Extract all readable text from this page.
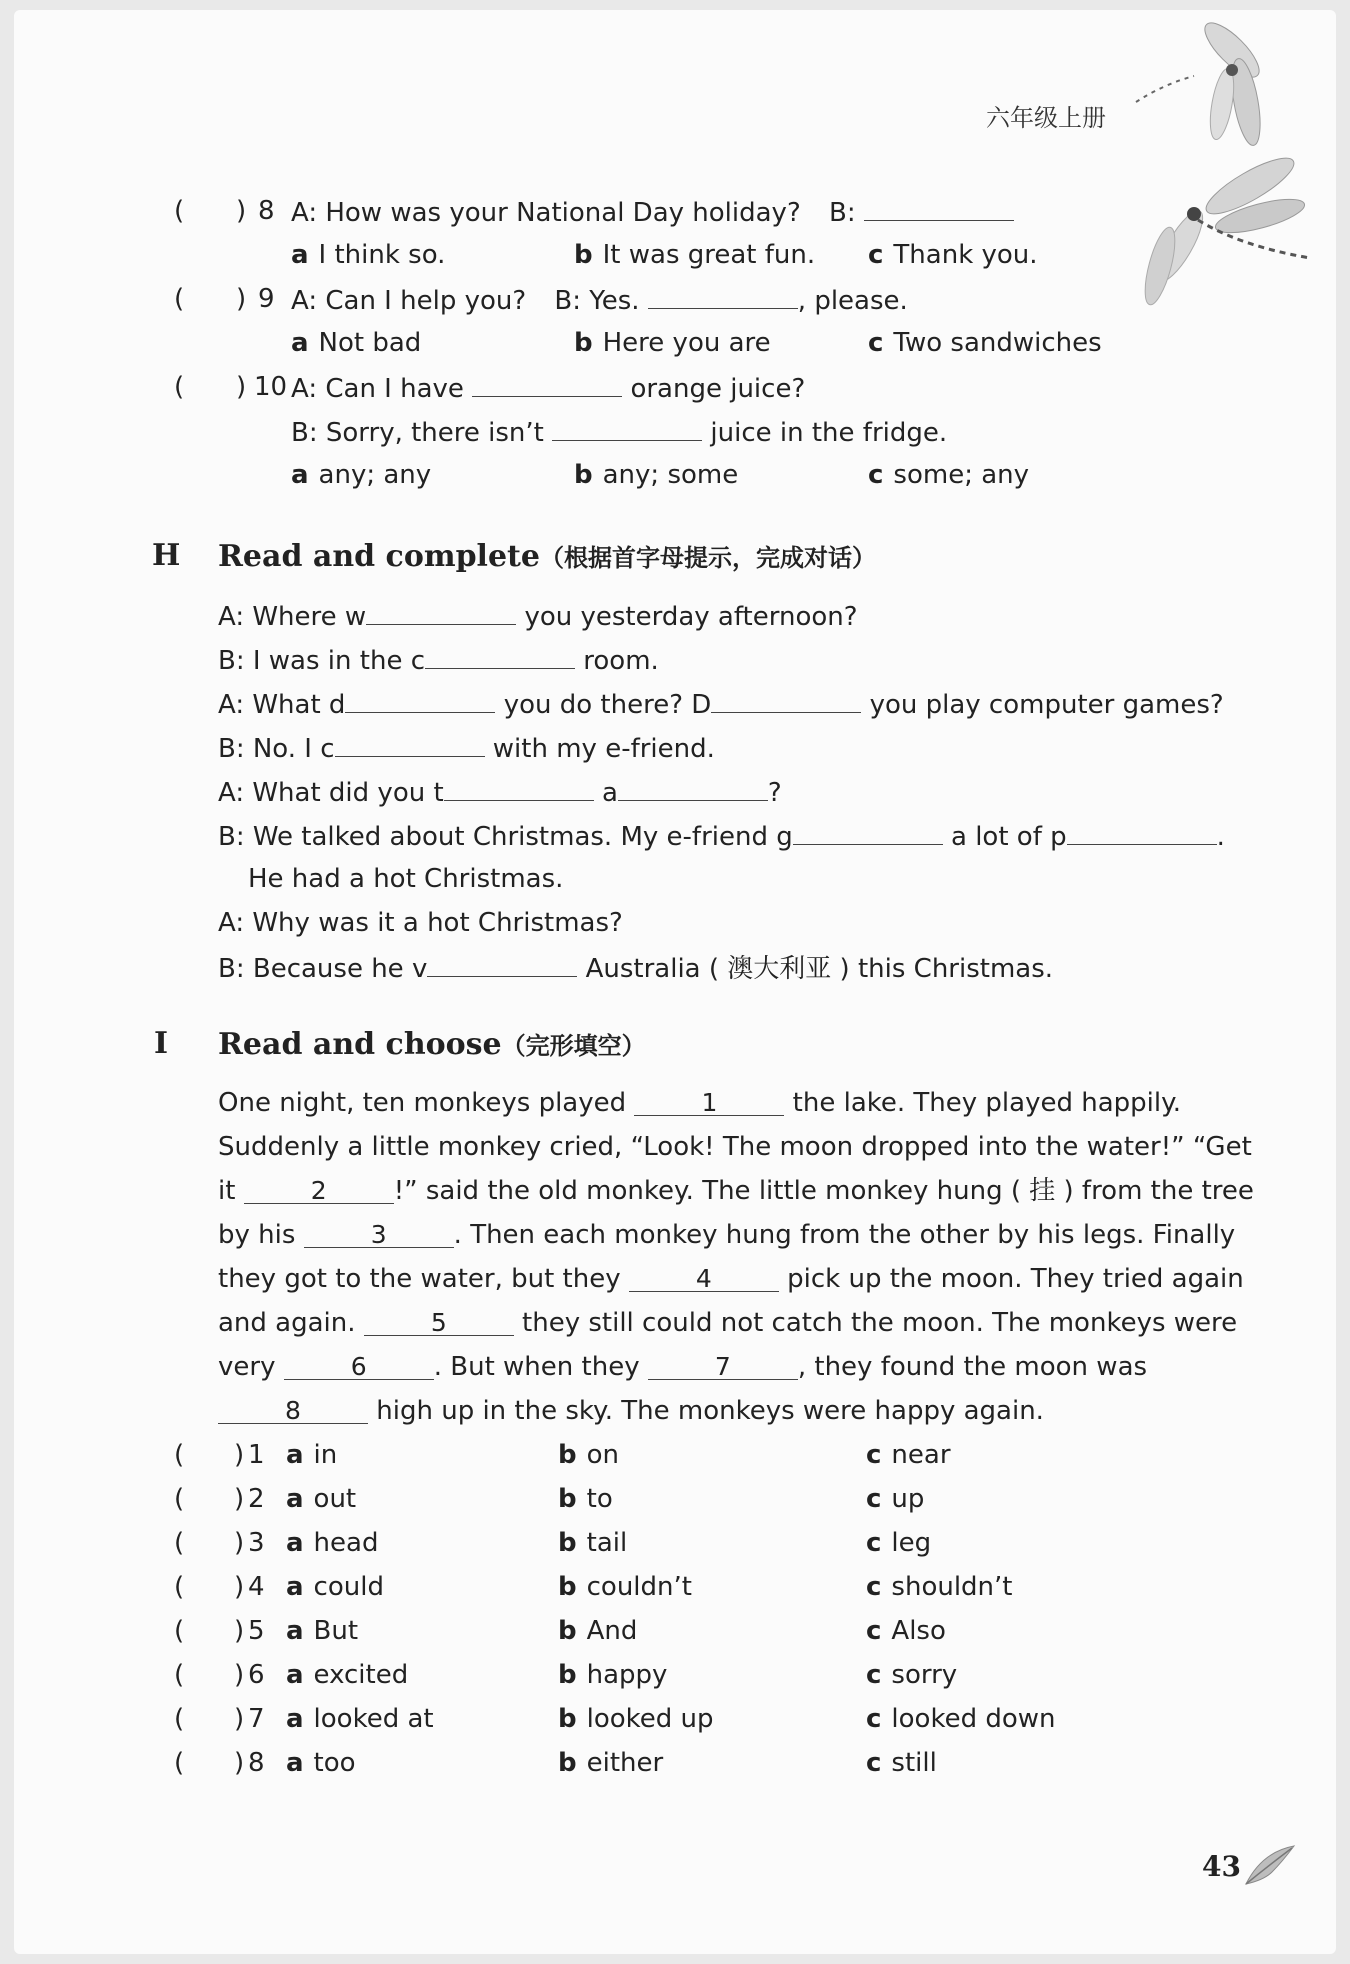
六年级上册
( ) 8 A: How was your National Day holiday? B:
a I think so.	b It was great fun. c Thank you.
( ) 9 A: Can I help you? B: Yes.	, please.
a Not bad	b Here you are	c Two sandwiches
( ) 10 A: Can I have	orange juice?
B: Sorry, there isn’t	juice in the fridge.
a any; any	b any; some	c some; any
H Read and complete（根据首字母提示，完成对话）
A: Where w	you yesterday afternoon?
B: I was in the c	room.
A: What d	you do there? D	you play computer games?
B: No. I c	with my e-friend.
A: What did you t	a	?
B: We talked about Christmas. My e-friend g	a lot of p	.
He had a hot Christmas.
A: Why was it a hot Christmas?
B: Because he v	Australia ( 澳大利亚 ) this Christmas.
I Read and choose（完形填空）
One night, ten monkeys played	1	the lake. They played happily.
Suddenly a little monkey cried, “Look! The moon dropped into the water!” “Get
it	2	!” said the old monkey. The little monkey hung ( 挂 ) from the tree
by his	3	. Then each monkey hung from the other by his legs. Finally
they got to the water, but they	4	pick up the moon. They tried again
and again.	5	they still could not catch the moon. The monkeys were
very	6	. But when they	7	, they found the moon was
8	high up in the sky. The monkeys were happy again.
( ) 1 a in	b on	c near
( ) 2 a out	b to	c up
( ) 3 a head	b tail	c leg
( ) 4 a could	b couldn’t	c shouldn’t
( ) 5 a But	b And	c Also
( ) 6 a excited	b happy	c sorry
( ) 7 a looked at	b looked up	c looked down
( ) 8 a too	b either	c still
43
